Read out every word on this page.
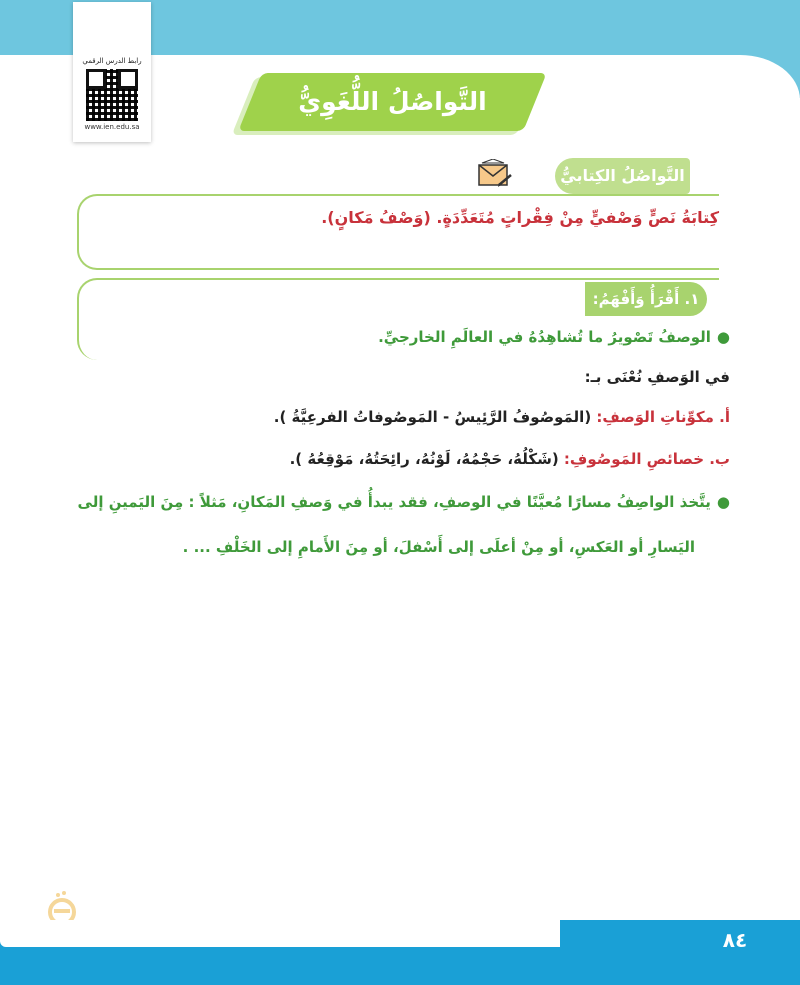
رابط الدرس الرقمي
www.ien.edu.sa
التَّواصُلُ اللُّغَوِيُّ
التَّواصُلُ الكِتابيُّ
كِتابَةُ نَصٍّ وَصْفيٍّ مِنْ فِقْراتٍ مُتَعَدِّدَةٍ. (وَصْفُ مَكانٍ).
١. أَقْرَأُ وَأَفْهَمُ:
●الوصفُ تَصْويرُ ما تُشاهِدُهُ في العالَمِ الخارجيِّ.
في الوَصفِ نُعْنَى بـ:
أ. مكوِّناتِ الوَصفِ: (المَوصُوفُ الرَّئِيسُ - المَوصُوفاتُ الفرعِيَّةُ ).
ب. خصائصِ المَوصُوفِ: (شَكْلُهُ، حَجْمُهُ، لَوْنُهُ، رائِحَتُهُ، مَوْقِعُهُ ).
●يتَّخذ الواصِفُ مسارًا مُعيَّنًا في الوصفِ، فقد يبدأُ في وَصفِ المَكانِ، مَثلاً : مِنَ اليَمينِ إلى
اليَسارِ أو العَكسِ، أو مِنْ أعلَى إلى أَسْفلَ، أو مِنَ الأَمامِ إلى الخَلْفِ ... .
٨٤
